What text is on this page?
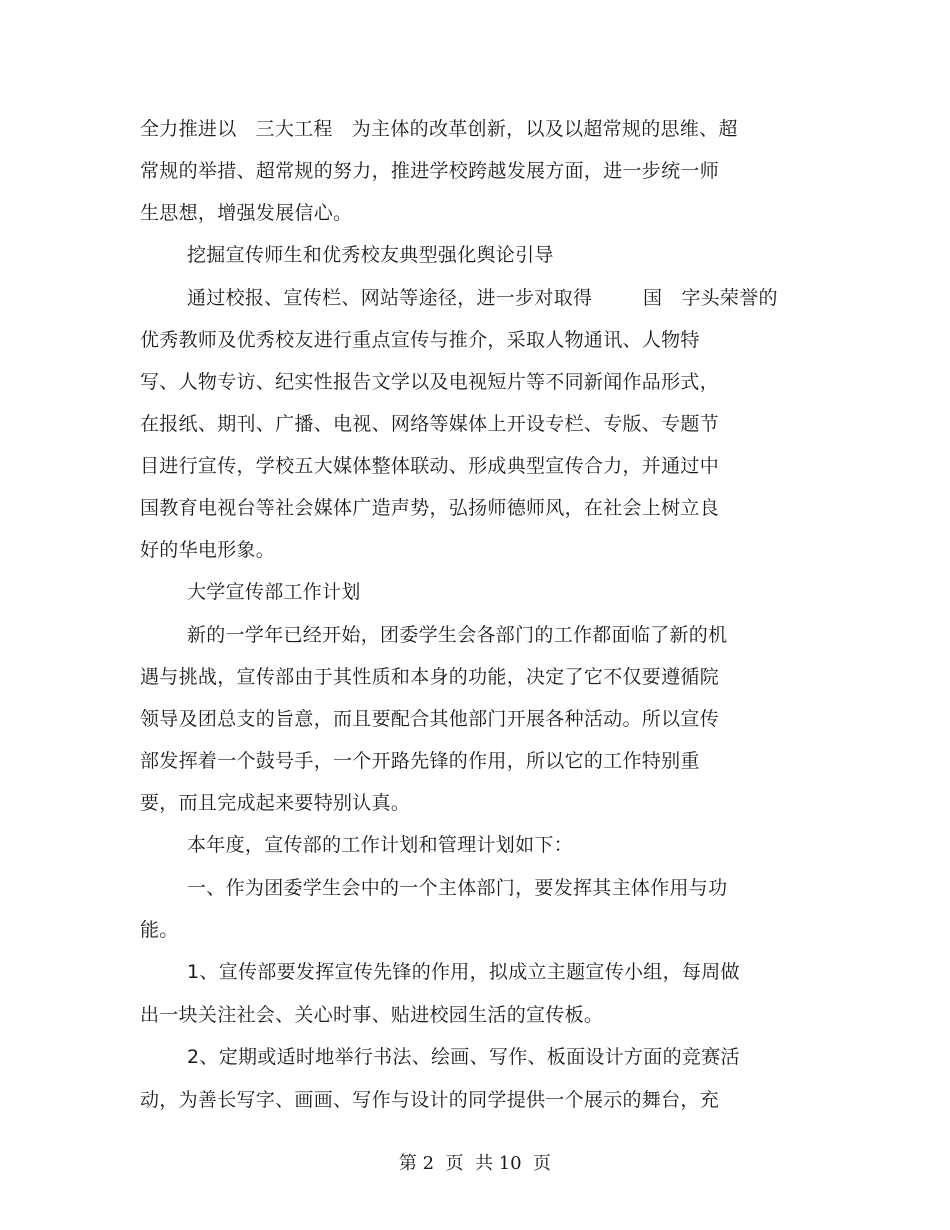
全力推进以   三大工程   为主体的改革创新，以及以超常规的思维、超
常规的举措、超常规的努力，推进学校跨越发展方面，进一步统一师
生思想，增强发展信心。
挖掘宣传师生和优秀校友典型强化舆论引导
通过校报、宣传栏、网站等途径，进一步对取得        国   字头荣誉的
优秀教师及优秀校友进行重点宣传与推介，采取人物通讯、人物特
写、人物专访、纪实性报告文学以及电视短片等不同新闻作品形式，
在报纸、期刊、广播、电视、网络等媒体上开设专栏、专版、专题节
目进行宣传，学校五大媒体整体联动、形成典型宣传合力，并通过中
国教育电视台等社会媒体广造声势，弘扬师德师风，在社会上树立良
好的华电形象。
大学宣传部工作计划
新的一学年已经开始，团委学生会各部门的工作都面临了新的机
遇与挑战，宣传部由于其性质和本身的功能，决定了它不仅要遵循院
领导及团总支的旨意，而且要配合其他部门开展各种活动。所以宣传
部发挥着一个鼓号手，一个开路先锋的作用，所以它的工作特别重
要，而且完成起来要特别认真。
本年度，宣传部的工作计划和管理计划如下：
一、作为团委学生会中的一个主体部门，要发挥其主体作用与功
能。
1、宣传部要发挥宣传先锋的作用，拟成立主题宣传小组，每周做
出一块关注社会、关心时事、贴进校园生活的宣传板。
2、定期或适时地举行书法、绘画、写作、板面设计方面的竞赛活
动，为善长写字、画画、写作与设计的同学提供一个展示的舞台，充
第 2  页  共 10  页
